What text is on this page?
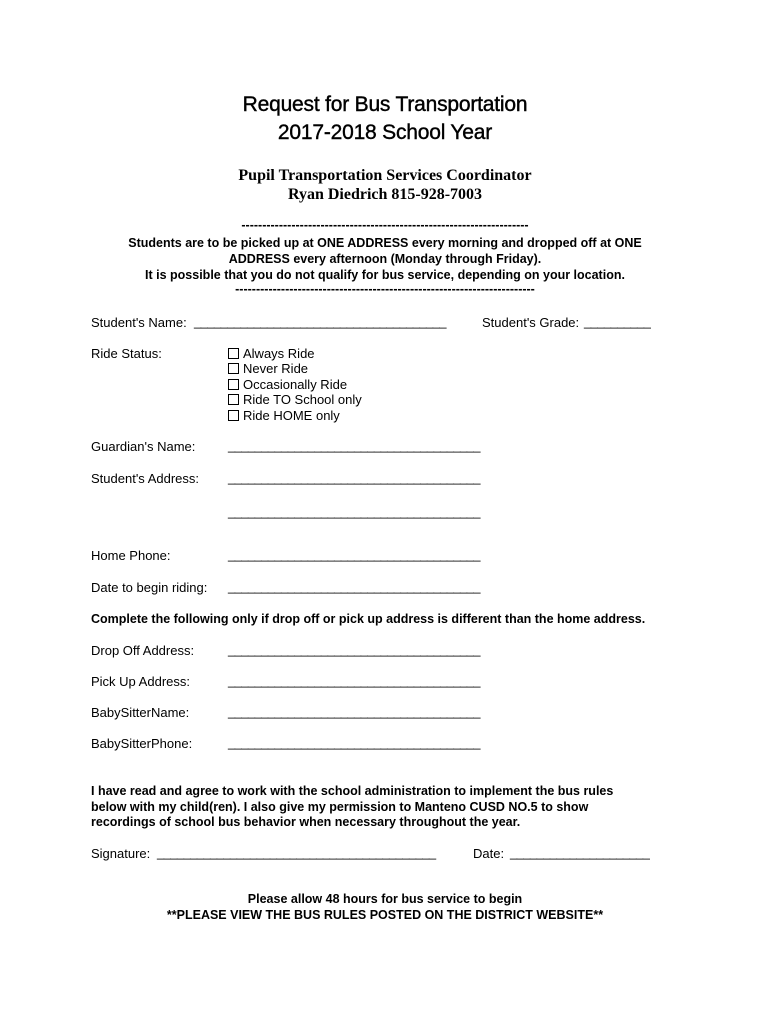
Request for Bus Transportation
2017-2018 School Year
Pupil Transportation Services Coordinator
Ryan Diedrich 815-928-7003
---------------------------------------------------------------------
Students are to be picked up at ONE ADDRESS every morning and dropped off at ONE
ADDRESS every afternoon (Monday through Friday).
It is possible that you do not qualify for bus service, depending on your location.
------------------------------------------------------------------------
Student's Name: ______________________________________	Student's Grade: __________
Ride Status:	Always Ride
Never Ride
Occasionally Ride
Ride TO School only
Ride HOME only
Guardian's Name:	______________________________________
Student's Address: ______________________________________
______________________________________
Home Phone:	______________________________________
Date to begin riding: ______________________________________
Complete the following only if drop off or pick up address is different than the home address.
Drop Off Address:	______________________________________
Pick Up Address:	______________________________________
BabySitterName:	______________________________________
BabySitterPhone:	______________________________________
I have read and agree to work with the school administration to implement the bus rules
below with my child(ren). I also give my permission to Manteno CUSD NO.5 to show
recordings of school bus behavior when necessary throughout the year.
Signature: __________________________________________	Date: _____________________
Please allow 48 hours for bus service to begin
**PLEASE VIEW THE BUS RULES POSTED ON THE DISTRICT WEBSITE**
